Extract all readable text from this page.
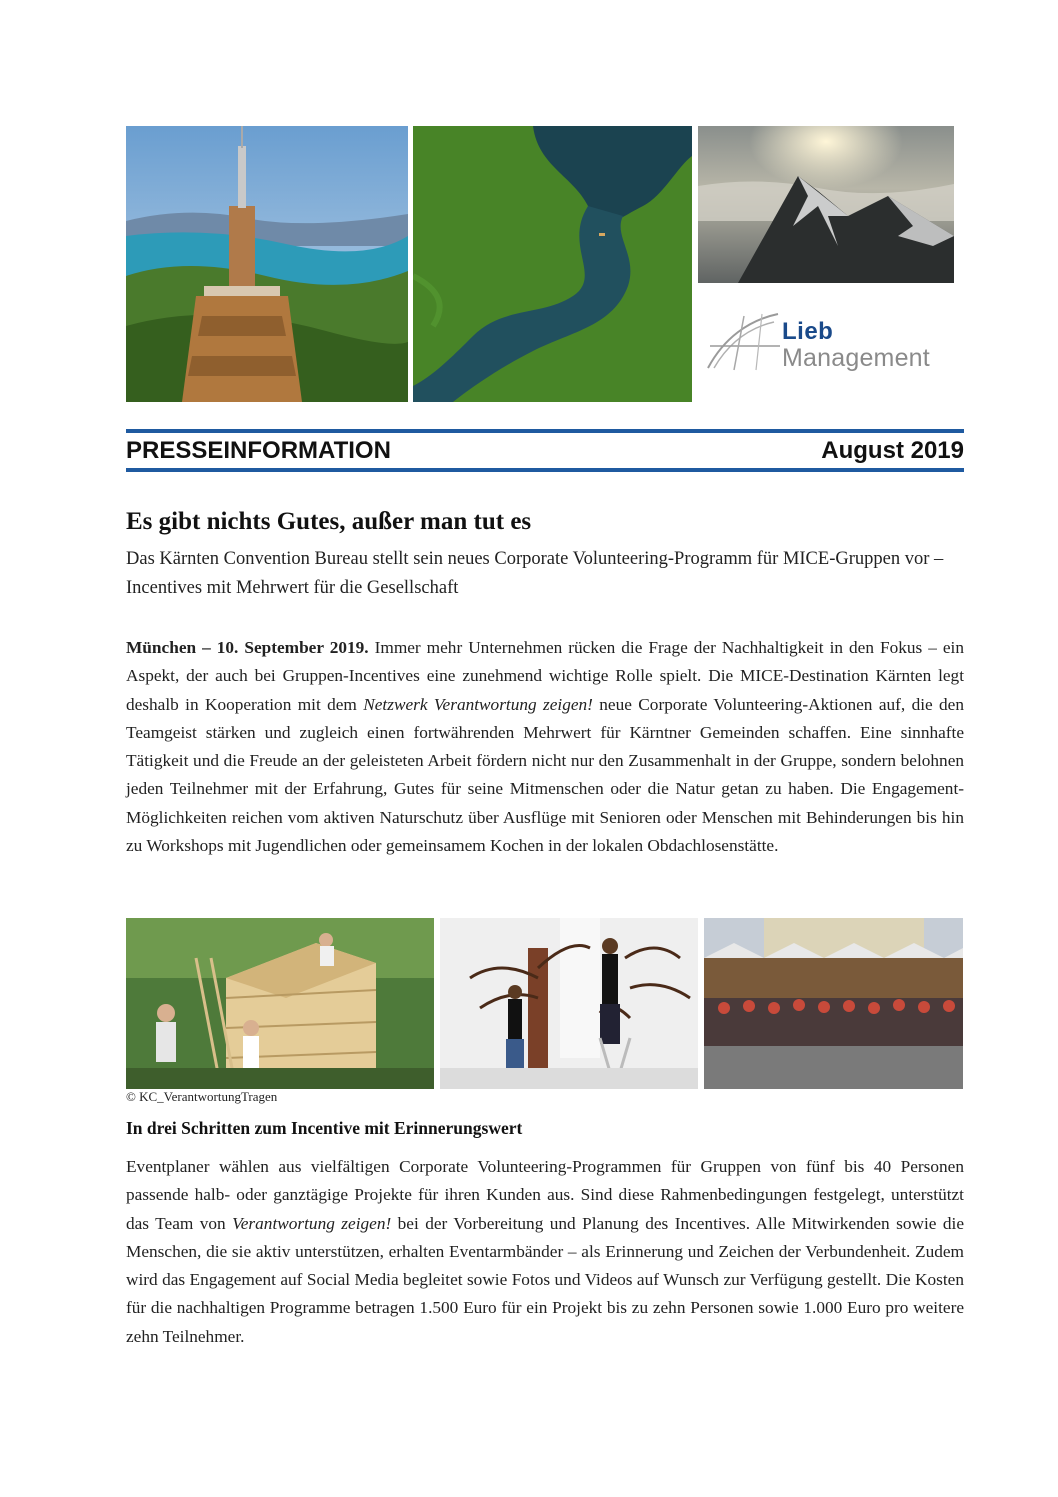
Lieb
Management
PRESSEINFORMATION	August 2019
Es gibt nichts Gutes, außer man tut es
Das Kärnten Convention Bureau stellt sein neues Corporate Volunteering-Programm für MICE-Gruppen vor – Incentives mit Mehrwert für die Gesellschaft
München – 10. September 2019. Immer mehr Unternehmen rücken die Frage der Nachhaltigkeit in den Fokus – ein Aspekt, der auch bei Gruppen-Incentives eine zunehmend wichtige Rolle spielt. Die MICE-Destination Kärnten legt deshalb in Kooperation mit dem Netzwerk Verantwortung zeigen! neue Corporate Volunteering-Aktionen auf, die den Teamgeist stärken und zugleich einen fortwährenden Mehrwert für Kärntner Gemeinden schaffen. Eine sinnhafte Tätigkeit und die Freude an der geleisteten Arbeit fördern nicht nur den Zusammenhalt in der Gruppe, sondern belohnen jeden Teilnehmer mit der Erfahrung, Gutes für seine Mitmenschen oder die Natur getan zu haben. Die Engagement-Möglichkeiten reichen vom aktiven Naturschutz über Ausflüge mit Senioren oder Menschen mit Behinderungen bis hin zu Workshops mit Jugendlichen oder gemeinsamem Kochen in der lokalen Obdachlosenstätte.
© KC_VerantwortungTragen
In drei Schritten zum Incentive mit Erinnerungswert
Eventplaner wählen aus vielfältigen Corporate Volunteering-Programmen für Gruppen von fünf bis 40 Personen passende halb- oder ganztägige Projekte für ihren Kunden aus. Sind diese Rahmenbedingungen festgelegt, unterstützt das Team von Verantwortung zeigen! bei der Vorbereitung und Planung des Incentives. Alle Mitwirkenden sowie die Menschen, die sie aktiv unterstützen, erhalten Eventarmbänder – als Erinnerung und Zeichen der Verbundenheit. Zudem wird das Engagement auf Social Media begleitet sowie Fotos und Videos auf Wunsch zur Verfügung gestellt. Die Kosten für die nachhaltigen Programme betragen 1.500 Euro für ein Projekt bis zu zehn Personen sowie 1.000 Euro pro weitere zehn Teilnehmer.
